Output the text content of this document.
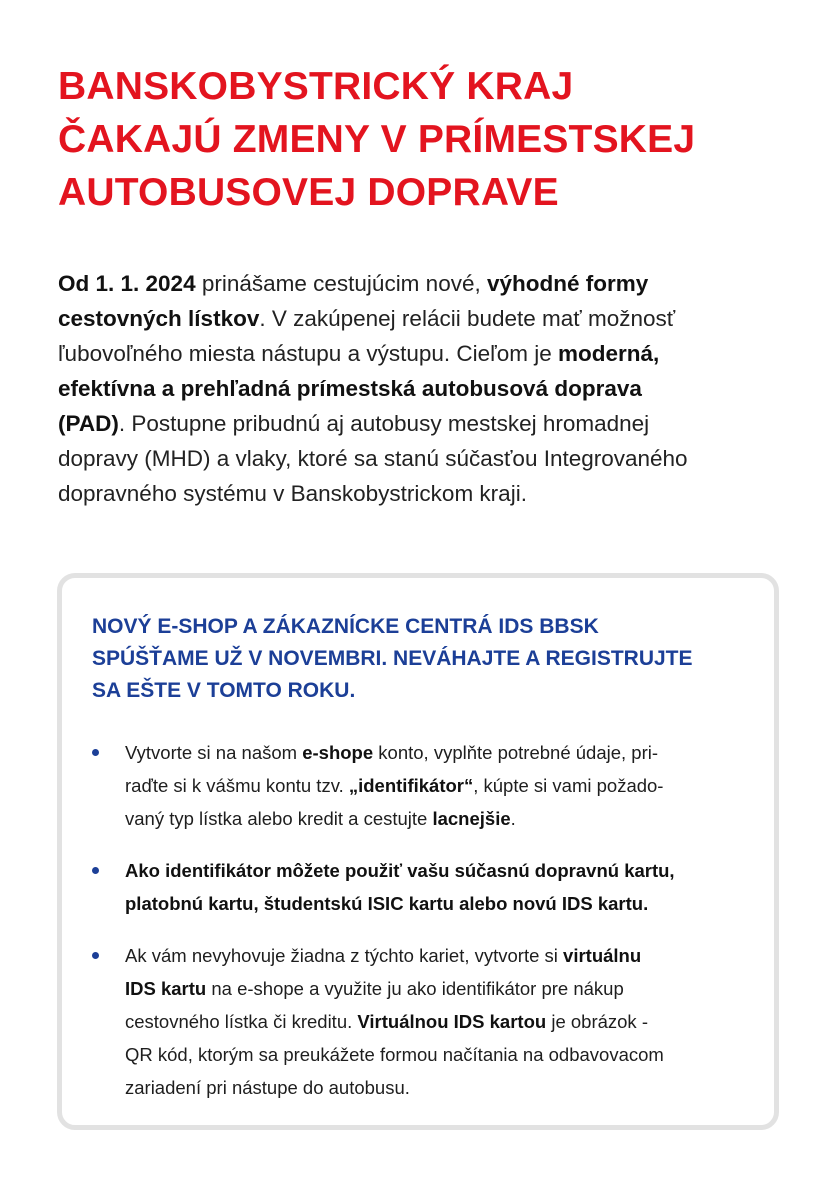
BANSKOBYSTRICKÝ KRAJ
ČAKAJÚ ZMENY V PRÍMESTSKEJ
AUTOBUSOVEJ DOPRAVE

Od 1. 1. 2024 prinášame cestujúcim nové, výhodné formy
cestovných lístkov. V zakúpenej relácii budete mať možnosť
ľubovoľného miesta nástupu a výstupu. Cieľom je moderná,
efektívna a prehľadná prímestská autobusová doprava
(PAD). Postupne pribudnú aj autobusy mestskej hromadnej
dopravy (MHD) a vlaky, ktoré sa stanú súčasťou Integrovaného
dopravného systému v Banskobystrickom kraji.

NOVÝ E-SHOP A ZÁKAZNÍCKE CENTRÁ IDS BBSK
SPÚŠŤAME UŽ V NOVEMBRI. NEVÁHAJTE A REGISTRUJTE
SA EŠTE V TOMTO ROKU.
Vytvorte si na našom e-shope konto, vyplňte potrebné údaje, pri-
raďte si k vášmu kontu tzv. „identifikátor“, kúpte si vami požado-
vaný typ lístka alebo kredit a cestujte lacnejšie.
Ako identifikátor môžete použiť vašu súčasnú dopravnú kartu,
platobnú kartu, študentskú ISIC kartu alebo novú IDS kartu.
Ak vám nevyhovuje žiadna z týchto kariet, vytvorte si virtuálnu
IDS kartu na e-shope a využite ju ako identifikátor pre nákup
cestovného lístka či kreditu. Virtuálnou IDS kartou je obrázok -
QR kód, ktorým sa preukážete formou načítania na odbavovacom
zariadení pri nástupe do autobusu.
